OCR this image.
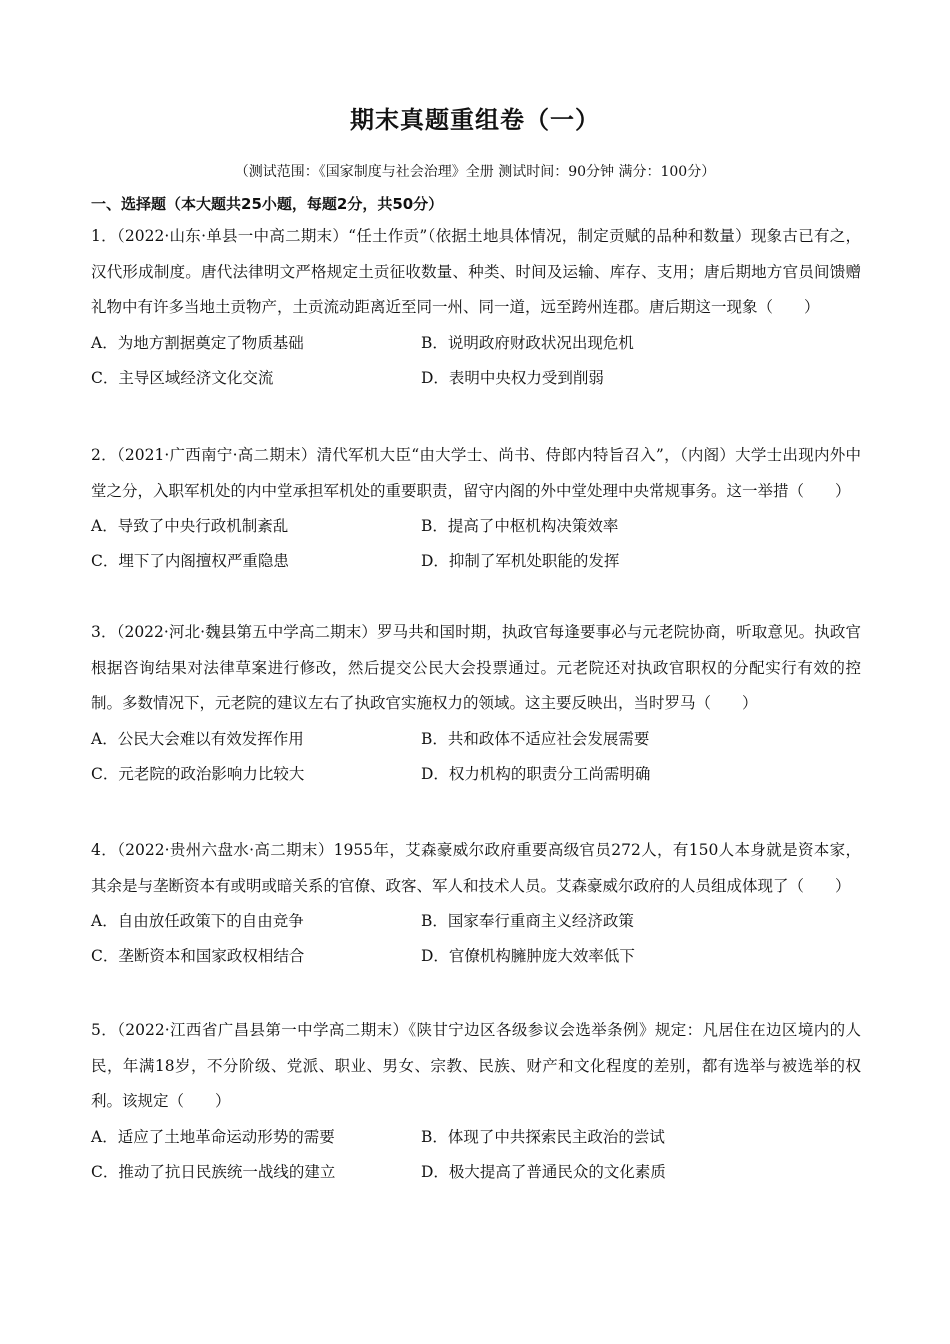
期末真题重组卷（一）
（测试范围：《国家制度与社会治理》全册 测试时间：90分钟 满分：100分）
一、选择题（本大题共25小题，每题2分，共50分）

1．（2022·山东·单县一中高二期末）“任土作贡”（依据土地具体情况，制定贡赋的品种和数量）现象古已有之，汉代形成制度。唐代法律明文严格规定土贡征收数量、种类、时间及运输、库存、支用；唐后期地方官员间馈赠礼物中有许多当地土贡物产，土贡流动距离近至同一州、同一道，远至跨州连郡。唐后期这一现象（　　）

A．为地方割据奠定了物质基础	B．说明政府财政状况出现危机
C．主导区域经济文化交流	D．表明中央权力受到削弱

2．（2021·广西南宁·高二期末）清代军机大臣“由大学士、尚书、侍郎内特旨召入”，（内阁）大学士出现内外中堂之分，入职军机处的内中堂承担军机处的重要职责，留守内阁的外中堂处理中央常规事务。这一举措（　　）

A．导致了中央行政机制紊乱	B．提高了中枢机构决策效率
C．埋下了内阁擅权严重隐患	D．抑制了军机处职能的发挥

3．（2022·河北·魏县第五中学高二期末）罗马共和国时期，执政官每逢要事必与元老院协商，听取意见。执政官根据咨询结果对法律草案进行修改，然后提交公民大会投票通过。元老院还对执政官职权的分配实行有效的控制。多数情况下，元老院的建议左右了执政官实施权力的领域。这主要反映出，当时罗马（　　）

A．公民大会难以有效发挥作用	B．共和政体不适应社会发展需要
C．元老院的政治影响力比较大	D．权力机构的职责分工尚需明确

4．（2022·贵州六盘水·高二期末）1955年，艾森豪威尔政府重要高级官员272人，有150人本身就是资本家，其余是与垄断资本有或明或暗关系的官僚、政客、军人和技术人员。艾森豪威尔政府的人员组成体现了（　　）

A．自由放任政策下的自由竞争	B．国家奉行重商主义经济政策
C．垄断资本和国家政权相结合	D．官僚机构臃肿庞大效率低下

5．（2022·江西省广昌县第一中学高二期末）《陕甘宁边区各级参议会选举条例》规定：凡居住在边区境内的人民，年满18岁，不分阶级、党派、职业、男女、宗教、民族、财产和文化程度的差别，都有选举与被选举的权利。该规定（　　）

A．适应了土地革命运动形势的需要	B．体现了中共探索民主政治的尝试
C．推动了抗日民族统一战线的建立	D．极大提高了普通民众的文化素质
